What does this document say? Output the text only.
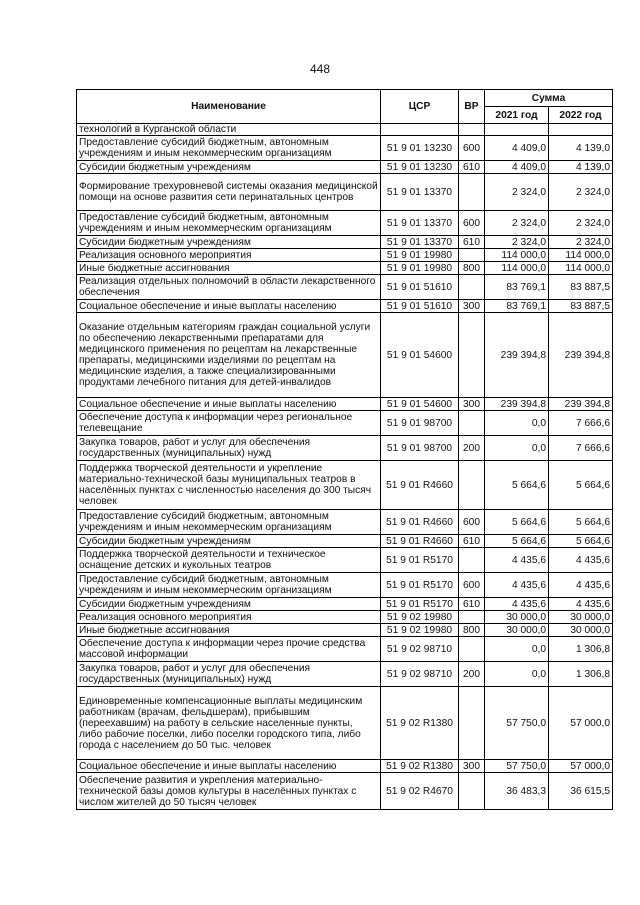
448
Наименование	ЦСР	ВР	Сумма	
			2021 год	2022 год
технологий в Курганской области				
Предоставление субсидий бюджетным, автономным учреждениям и иным некоммерческим организациям	51 9 01 13230	600	4 409,0	4 139,0
Субсидии бюджетным учреждениям	51 9 01 13230	610	4 409,0	4 139,0
Формирование трехуровневой системы оказания медицинской помощи на основе развития сети перинатальных центров	51 9 01 13370		2 324,0	2 324,0
Предоставление субсидий бюджетным, автономным учреждениям и иным некоммерческим организациям	51 9 01 13370	600	2 324,0	2 324,0
Субсидии бюджетным учреждениям	51 9 01 13370	610	2 324,0	2 324,0
Реализация основного мероприятия	51 9 01 19980		114 000,0	114 000,0
Иные бюджетные ассигнования	51 9 01 19980	800	114 000,0	114 000,0
Реализация отдельных полномочий в области лекарственного обеспечения	51 9 01 51610		83 769,1	83 887,5
Социальное обеспечение и иные выплаты населению	51 9 01 51610	300	83 769,1	83 887,5
Оказание отдельным категориям граждан социальной услуги по обеспечению лекарственными препаратами для медицинского применения по рецептам на лекарственные препараты, медицинскими изделиями по рецептам на медицинские изделия, а также специализированными продуктами лечебного питания для детей-инвалидов	51 9 01 54600		239 394,8	239 394,8
Социальное обеспечение и иные выплаты населению	51 9 01 54600	300	239 394,8	239 394,8
Обеспечение доступа к информации через региональное телевещание	51 9 01 98700		0,0	7 666,6
Закупка товаров, работ и услуг для обеспечения государственных (муниципальных) нужд	51 9 01 98700	200	0,0	7 666,6
Поддержка творческой деятельности и укрепление материально-технической базы муниципальных театров в населённых пунктах с численностью населения до 300 тысяч человек	51 9 01 R4660		5 664,6	5 664,6
Предоставление субсидий бюджетным, автономным учреждениям и иным некоммерческим организациям	51 9 01 R4660	600	5 664,6	5 664,6
Субсидии бюджетным учреждениям	51 9 01 R4660	610	5 664,6	5 664,6
Поддержка творческой деятельности и техническое оснащение детских и кукольных театров	51 9 01 R5170		4 435,6	4 435,6
Предоставление субсидий бюджетным, автономным учреждениям и иным некоммерческим организациям	51 9 01 R5170	600	4 435,6	4 435,6
Субсидии бюджетным учреждениям	51 9 01 R5170	610	4 435,6	4 435,6
Реализация основного мероприятия	51 9 02 19980		30 000,0	30 000,0
Иные бюджетные ассигнования	51 9 02 19980	800	30 000,0	30 000,0
Обеспечение доступа к информации через прочие средства массовой информации	51 9 02 98710		0,0	1 306,8
Закупка товаров, работ и услуг для обеспечения государственных (муниципальных) нужд	51 9 02 98710	200	0,0	1 306,8
Единовременные компенсационные выплаты медицинским работникам (врачам, фельдшерам), прибывшим (переехавшим) на работу в сельские населенные пункты, либо рабочие поселки, либо поселки городского типа, либо города с населением до 50 тыс. человек	51 9 02 R1380		57 750,0	57 000,0
Социальное обеспечение и иные выплаты населению	51 9 02 R1380	300	57 750,0	57 000,0
Обеспечение развития и укрепления материально-технической базы домов культуры в населённых пунктах с числом жителей до 50 тысяч человек	51 9 02 R4670		36 483,3	36 615,5
